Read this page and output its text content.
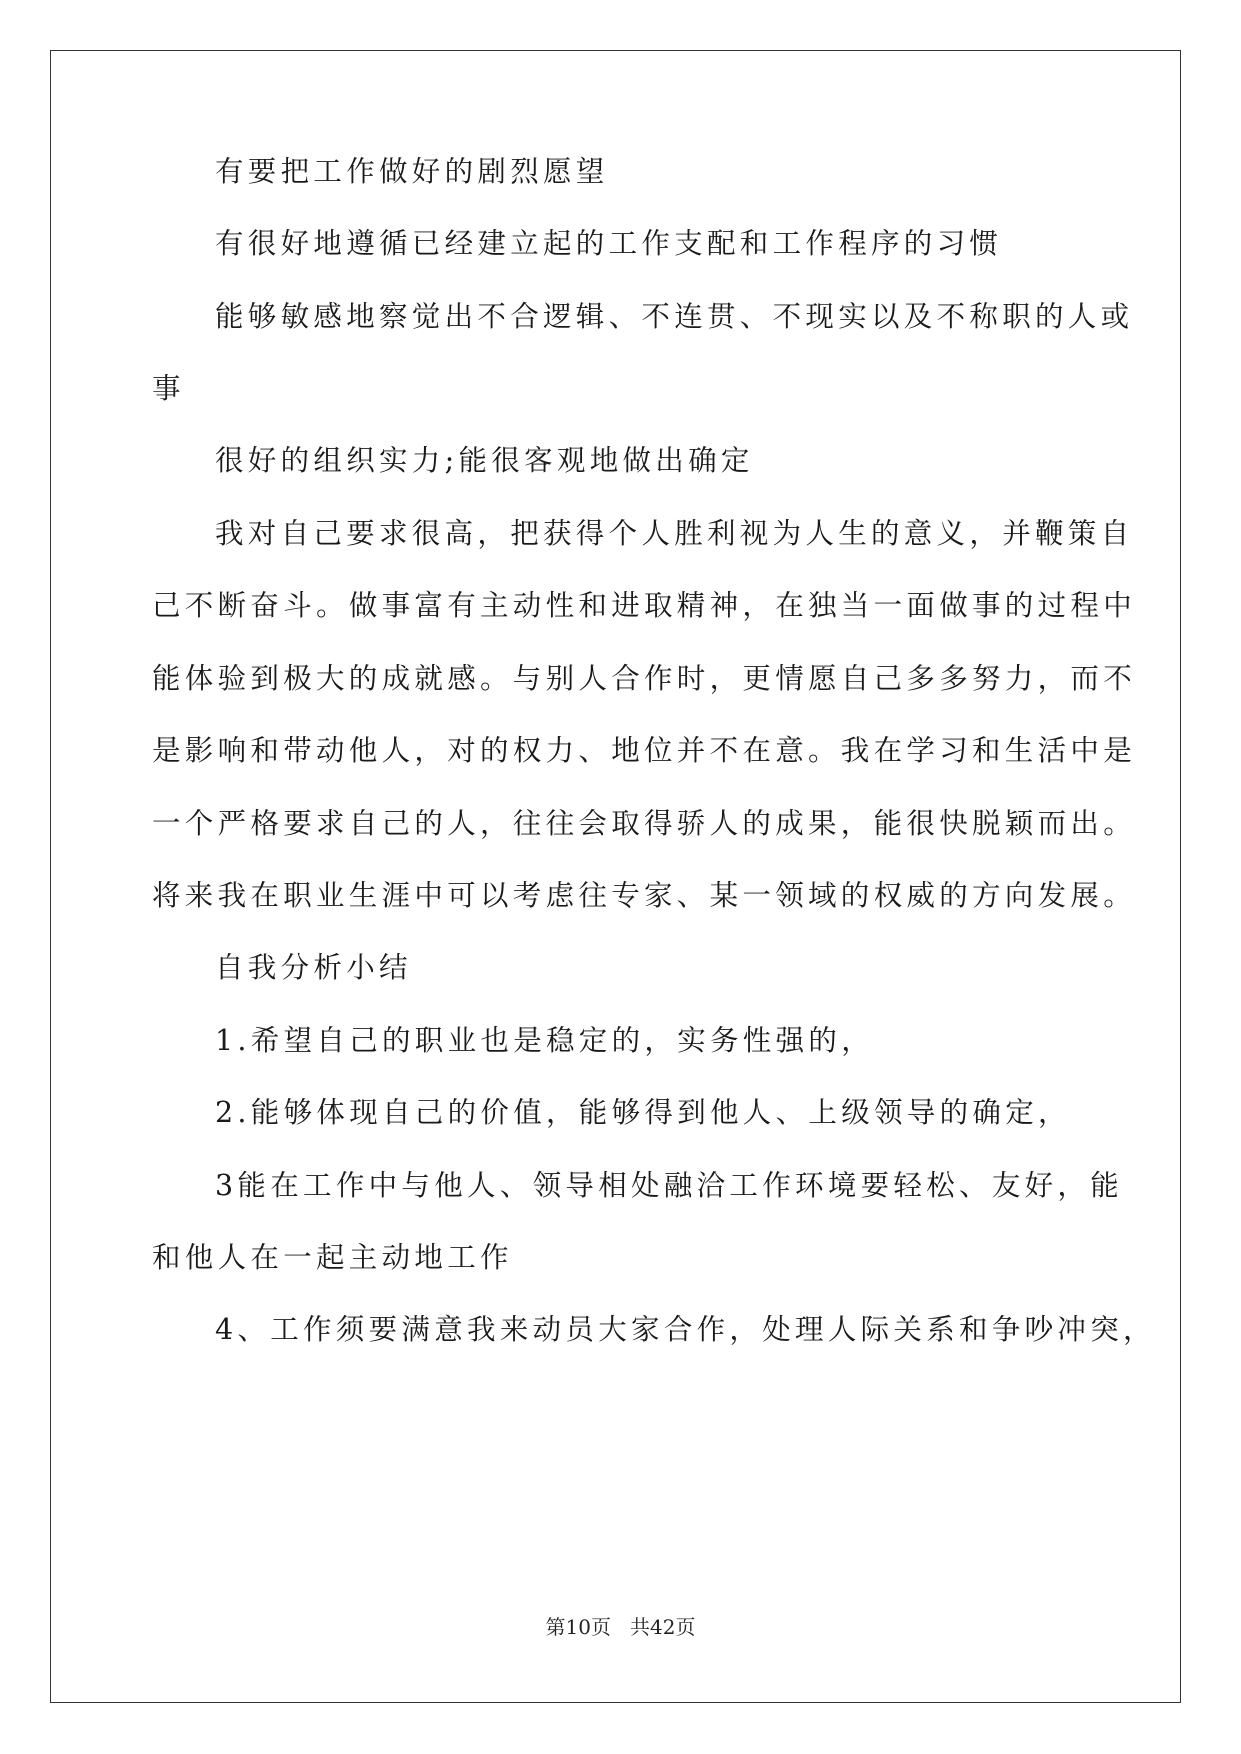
有要把工作做好的剧烈愿望
有很好地遵循已经建立起的工作支配和工作程序的习惯
能够敏感地察觉出不合逻辑、不连贯、不现实以及不称职的人或
事
很好的组织实力;能很客观地做出确定
我对自己要求很高，把获得个人胜利视为人生的意义，并鞭策自
己不断奋斗。做事富有主动性和进取精神，在独当一面做事的过程中
能体验到极大的成就感。与别人合作时，更情愿自己多多努力，而不
是影响和带动他人，对的权力、地位并不在意。我在学习和生活中是
一个严格要求自己的人，往往会取得骄人的成果，能很快脱颖而出。
将来我在职业生涯中可以考虑往专家、某一领域的权威的方向发展。
自我分析小结
1.希望自己的职业也是稳定的，实务性强的，
2.能够体现自己的价值，能够得到他人、上级领导的确定，
3能在工作中与他人、领导相处融洽工作环境要轻松、友好，能
和他人在一起主动地工作
4、工作须要满意我来动员大家合作，处理人际关系和争吵冲突，
第10页 共42页
